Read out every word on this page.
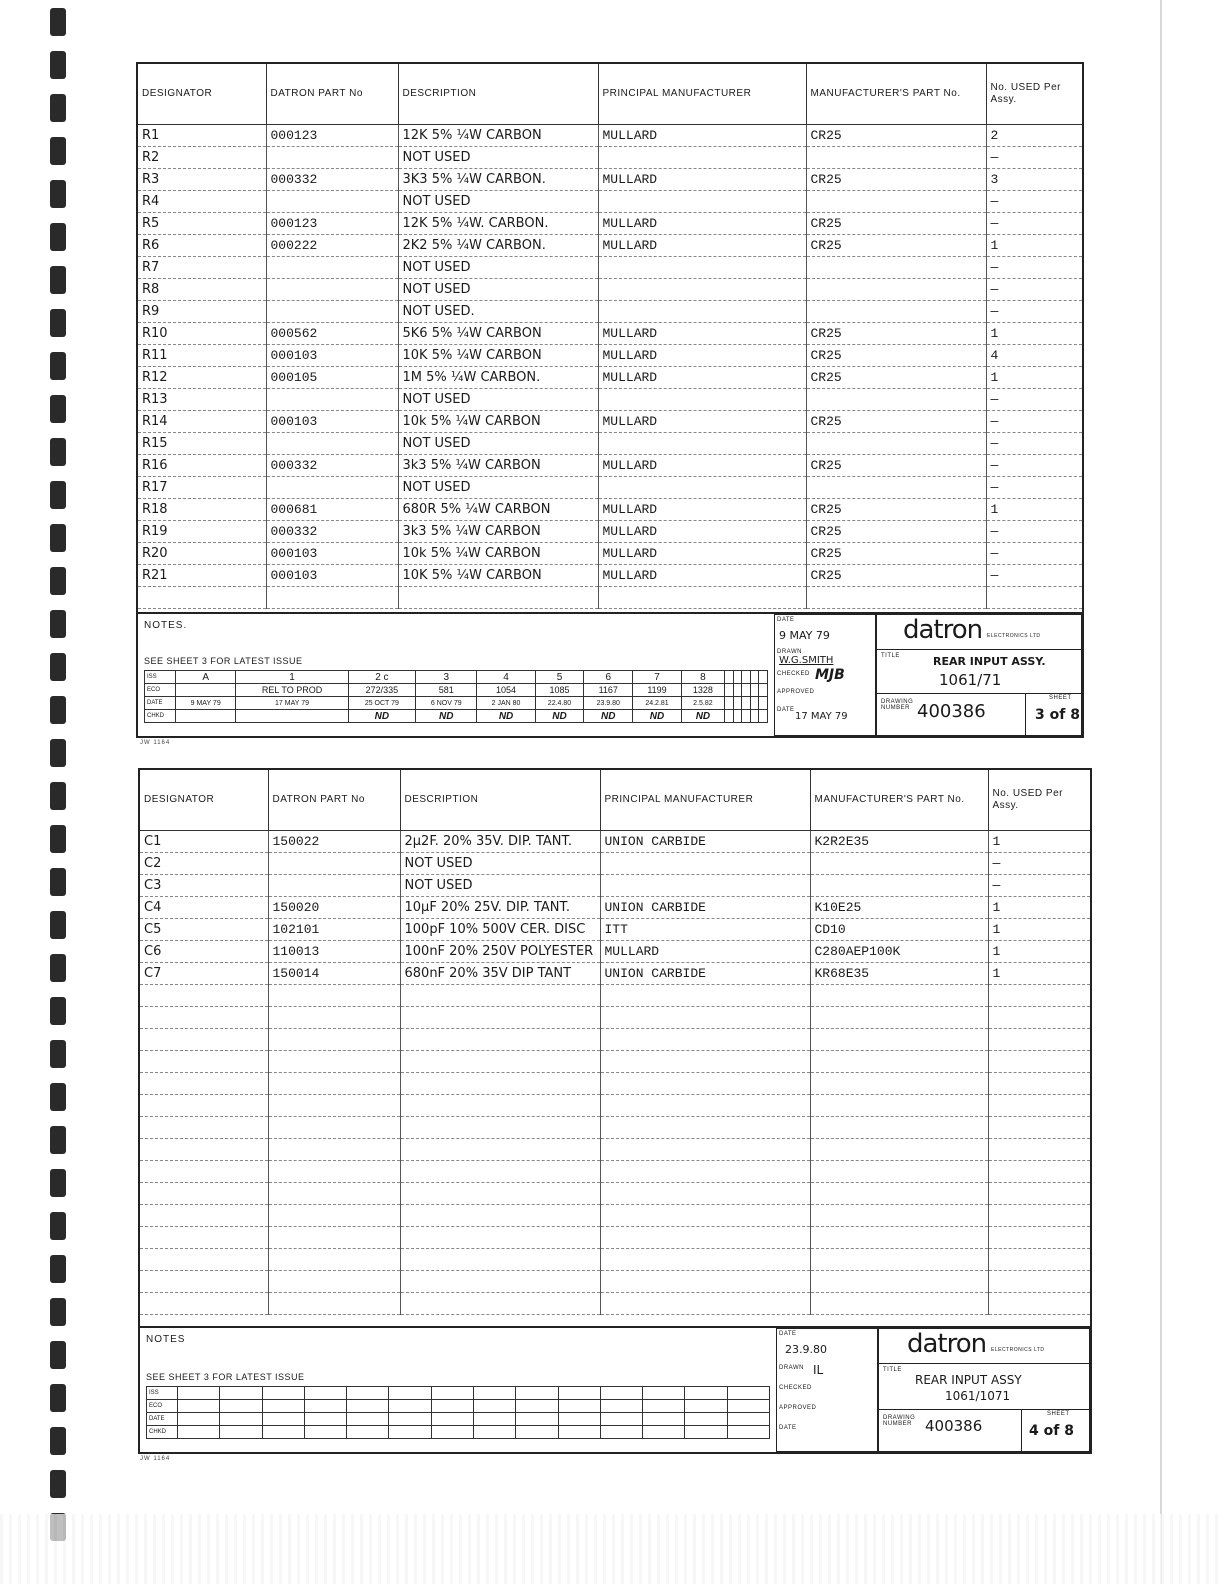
DESIGNATOR	DATRON PART No	DESCRIPTION	PRINCIPAL MANUFACTURER	MANUFACTURER'S PART No.	No. USED Per Assy.
R1	000123	12K 5% ¼W CARBON	MULLARD	CR25	2
R2		NOT USED			—
R3	000332	3K3 5% ¼W CARBON.	MULLARD	CR25	3
R4		NOT USED			—
R5	000123	12K 5% ¼W. CARBON.	MULLARD	CR25	—
R6	000222	2K2 5% ¼W CARBON.	MULLARD	CR25	1
R7		NOT USED			—
R8		NOT USED			—
R9		NOT USED.			—
R10	000562	5K6 5% ¼W CARBON	MULLARD	CR25	1
R11	000103	10K 5% ¼W CARBON	MULLARD	CR25	4
R12	000105	1M 5% ¼W CARBON.	MULLARD	CR25	1
R13		NOT USED			—
R14	000103	10k 5% ¼W CARBON	MULLARD	CR25	—
R15		NOT USED			—
R16	000332	3k3 5% ¼W CARBON	MULLARD	CR25	—
R17		NOT USED			—
R18	000681	680R 5% ¼W CARBON	MULLARD	CR25	1
R19	000332	3k3 5% ¼W CARBON	MULLARD	CR25	—
R20	000103	10k 5% ¼W CARBON	MULLARD	CR25	—
R21	000103	10K 5% ¼W CARBON	MULLARD	CR25	—

NOTES.
SEE SHEET 3 FOR LATEST ISSUE
ISS	A	1	2 c	3	4	5	6	7	8					
ECO		REL TO PROD	272/335	581	1054	1085	1167	1199	1328					
DATE	9 MAY 79	17 MAY 79	25 OCT 79	6 NOV 79	2 JAN 80	22.4.80	23.9.80	24.2.81	2.5.82					
CHKD			ND	ND	ND	ND	ND	ND	ND					
DATE
9 MAY 79
DRAWN
W.G.SMITH
CHECKED MJB
APPROVED
DATE
17 MAY 79
datron ELECTRONICS LTD
TITLE	REAR INPUT ASSY.
1061/71
DRAWING NUMBER 400386
SHEET
3 of 8
JW 1164
DESIGNATOR	DATRON PART No	DESCRIPTION	PRINCIPAL MANUFACTURER	MANUFACTURER'S PART No.	No. USED Per Assy.
C1	150022	2μ2F. 20% 35V. DIP. TANT.	UNION CARBIDE	K2R2E35	1
C2		NOT USED			—
C3		NOT USED			—
C4	150020	10μF 20% 25V. DIP. TANT.	UNION CARBIDE	K10E25	1
C5	102101	100pF 10% 500V CER. DISC	ITT	CD10	1
C6	110013	100nF 20% 250V POLYESTER	MULLARD	C280AEP100K	1
C7	150014	680nF 20% 35V DIP TANT	UNION CARBIDE	KR68E35	1

NOTES
SEE SHEET 3 FOR LATEST ISSUE
ISS														
ECO														
DATE														
CHKD														
DATE
23.9.80
DRAWN IL
CHECKED
APPROVED
DATE
datron ELECTRONICS LTD
TITLE
REAR INPUT ASSY
1061/1071
DRAWING NUMBER 400386
SHEET
4 of 8
JW 1164
